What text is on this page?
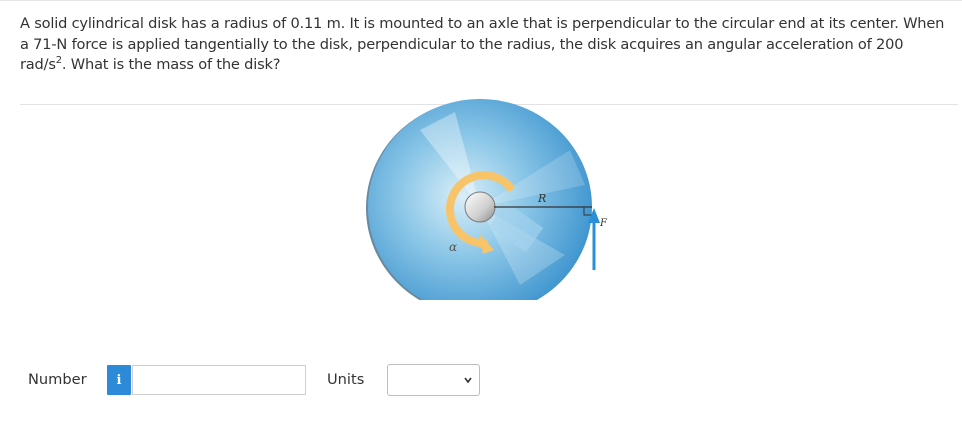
A solid cylindrical disk has a radius of 0.11 m. It is mounted to an axle that is perpendicular to the circular end at its center. When a 71-N force is applied tangentially to the disk, perpendicular to the radius, the disk acquires an angular acceleration of 200 rad/$s^2$. What is the mass of the disk?
R
F
α
Number i	Units
